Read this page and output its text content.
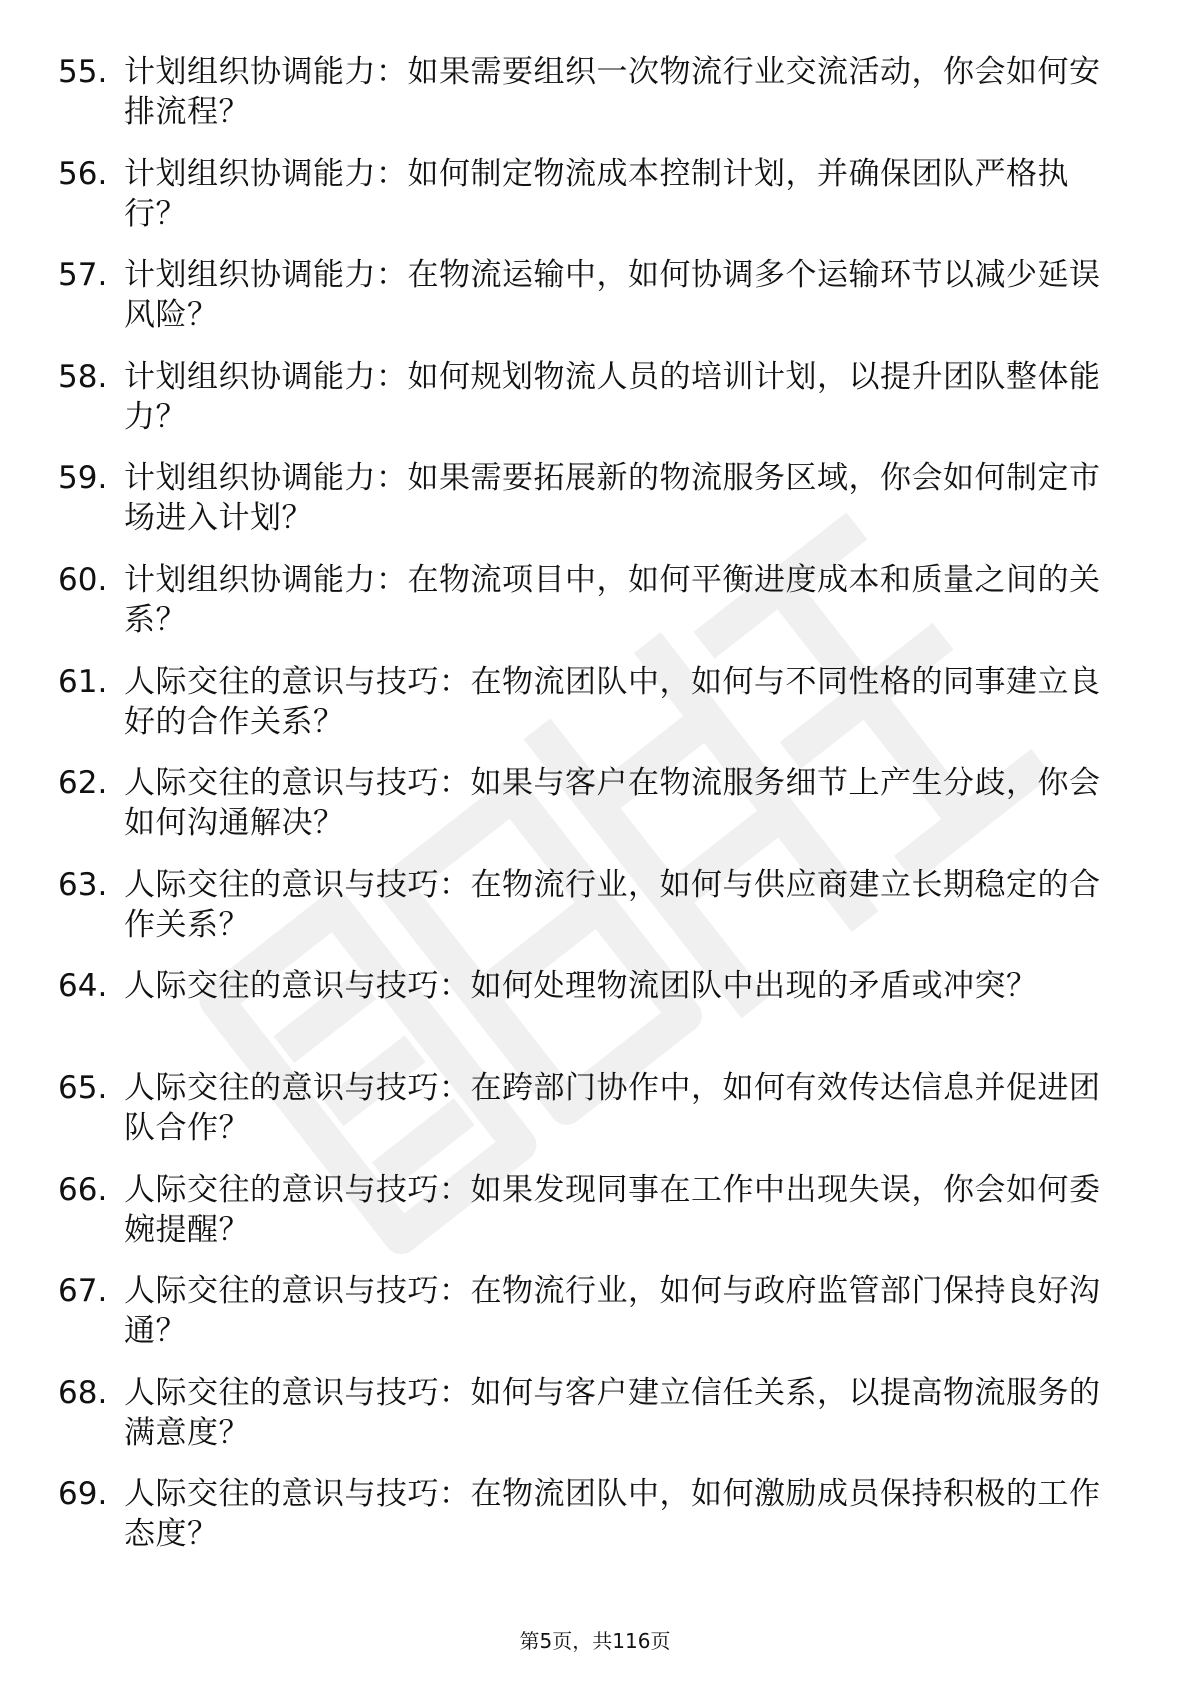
55. 计划组织协调能力：如果需要组织一次物流行业交流活动，你会如何安排流程？
56. 计划组织协调能力：如何制定物流成本控制计划，并确保团队严格执行？
57. 计划组织协调能力：在物流运输中，如何协调多个运输环节以减少延误风险？
58. 计划组织协调能力：如何规划物流人员的培训计划，以提升团队整体能力？
59. 计划组织协调能力：如果需要拓展新的物流服务区域，你会如何制定市场进入计划？
60. 计划组织协调能力：在物流项目中，如何平衡进度成本和质量之间的关系？
61. 人际交往的意识与技巧：在物流团队中，如何与不同性格的同事建立良好的合作关系？
62. 人际交往的意识与技巧：如果与客户在物流服务细节上产生分歧，你会如何沟通解决？
63. 人际交往的意识与技巧：在物流行业，如何与供应商建立长期稳定的合作关系？
64. 人际交往的意识与技巧：如何处理物流团队中出现的矛盾或冲突？
65. 人际交往的意识与技巧：在跨部门协作中，如何有效传达信息并促进团队合作？
66. 人际交往的意识与技巧：如果发现同事在工作中出现失误，你会如何委婉提醒？
67. 人际交往的意识与技巧：在物流行业，如何与政府监管部门保持良好沟通？
68. 人际交往的意识与技巧：如何与客户建立信任关系，以提高物流服务的满意度？
69. 人际交往的意识与技巧：在物流团队中，如何激励成员保持积极的工作态度？
第5页，共116页
